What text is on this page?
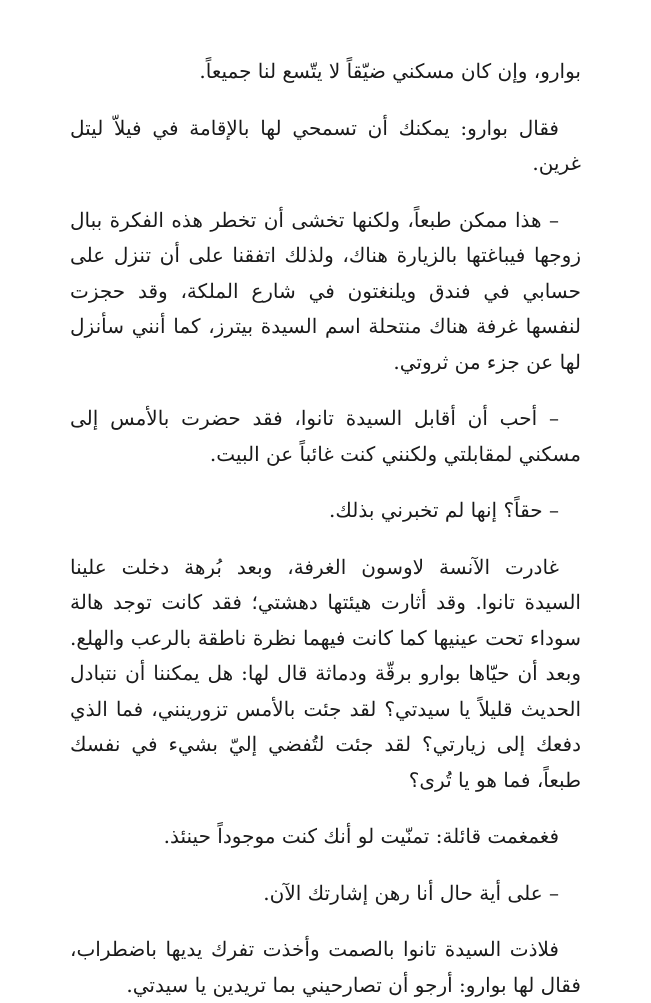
بوارو، وإن كان مسكني ضيّقاً لا يتّسع لنا جميعاً.

فقال بوارو: يمكنك أن تسمحي لها بالإقامة في فيلاّ ليتل غرين.

– هذا ممكن طبعاً، ولكنها تخشى أن تخطر هذه الفكرة ببال زوجها فيباغتها بالزيارة هناك، ولذلك اتفقنا على أن تنزل على حسابي في فندق ويلنغتون في شارع الملكة، وقد حجزت لنفسها غرفة هناك منتحلة اسم السيدة بيترز، كما أنني سأنزل لها عن جزء من ثروتي.

– أحب أن أقابل السيدة تانوا، فقد حضرت بالأمس إلى مسكني لمقابلتي ولكنني كنت غائباً عن البيت.

– حقاً؟ إنها لم تخبرني بذلك.

غادرت الآنسة لاوسون الغرفة، وبعد بُرهة دخلت علينا السيدة تانوا. وقد أثارت هيئتها دهشتي؛ فقد كانت توجد هالة سوداء تحت عينيها كما كانت فيهما نظرة ناطقة بالرعب والهلع. وبعد أن حيّاها بوارو برقّة ودماثة قال لها: هل يمكننا أن نتبادل الحديث قليلاً يا سيدتي؟ لقد جئت بالأمس تزورينني، فما الذي دفعك إلى زيارتي؟ لقد جئت لتُفضي إليّ بشيء في نفسك طبعاً، فما هو يا تُرى؟

فغمغمت قائلة: تمنّيت لو أنك كنت موجوداً حينئذ.

– على أية حال أنا رهن إشارتك الآن.

فلاذت السيدة تانوا بالصمت وأخذت تفرك يديها باضطراب، فقال لها بوارو: أرجو أن تصارحيني بما تريدين يا سيدتي.
